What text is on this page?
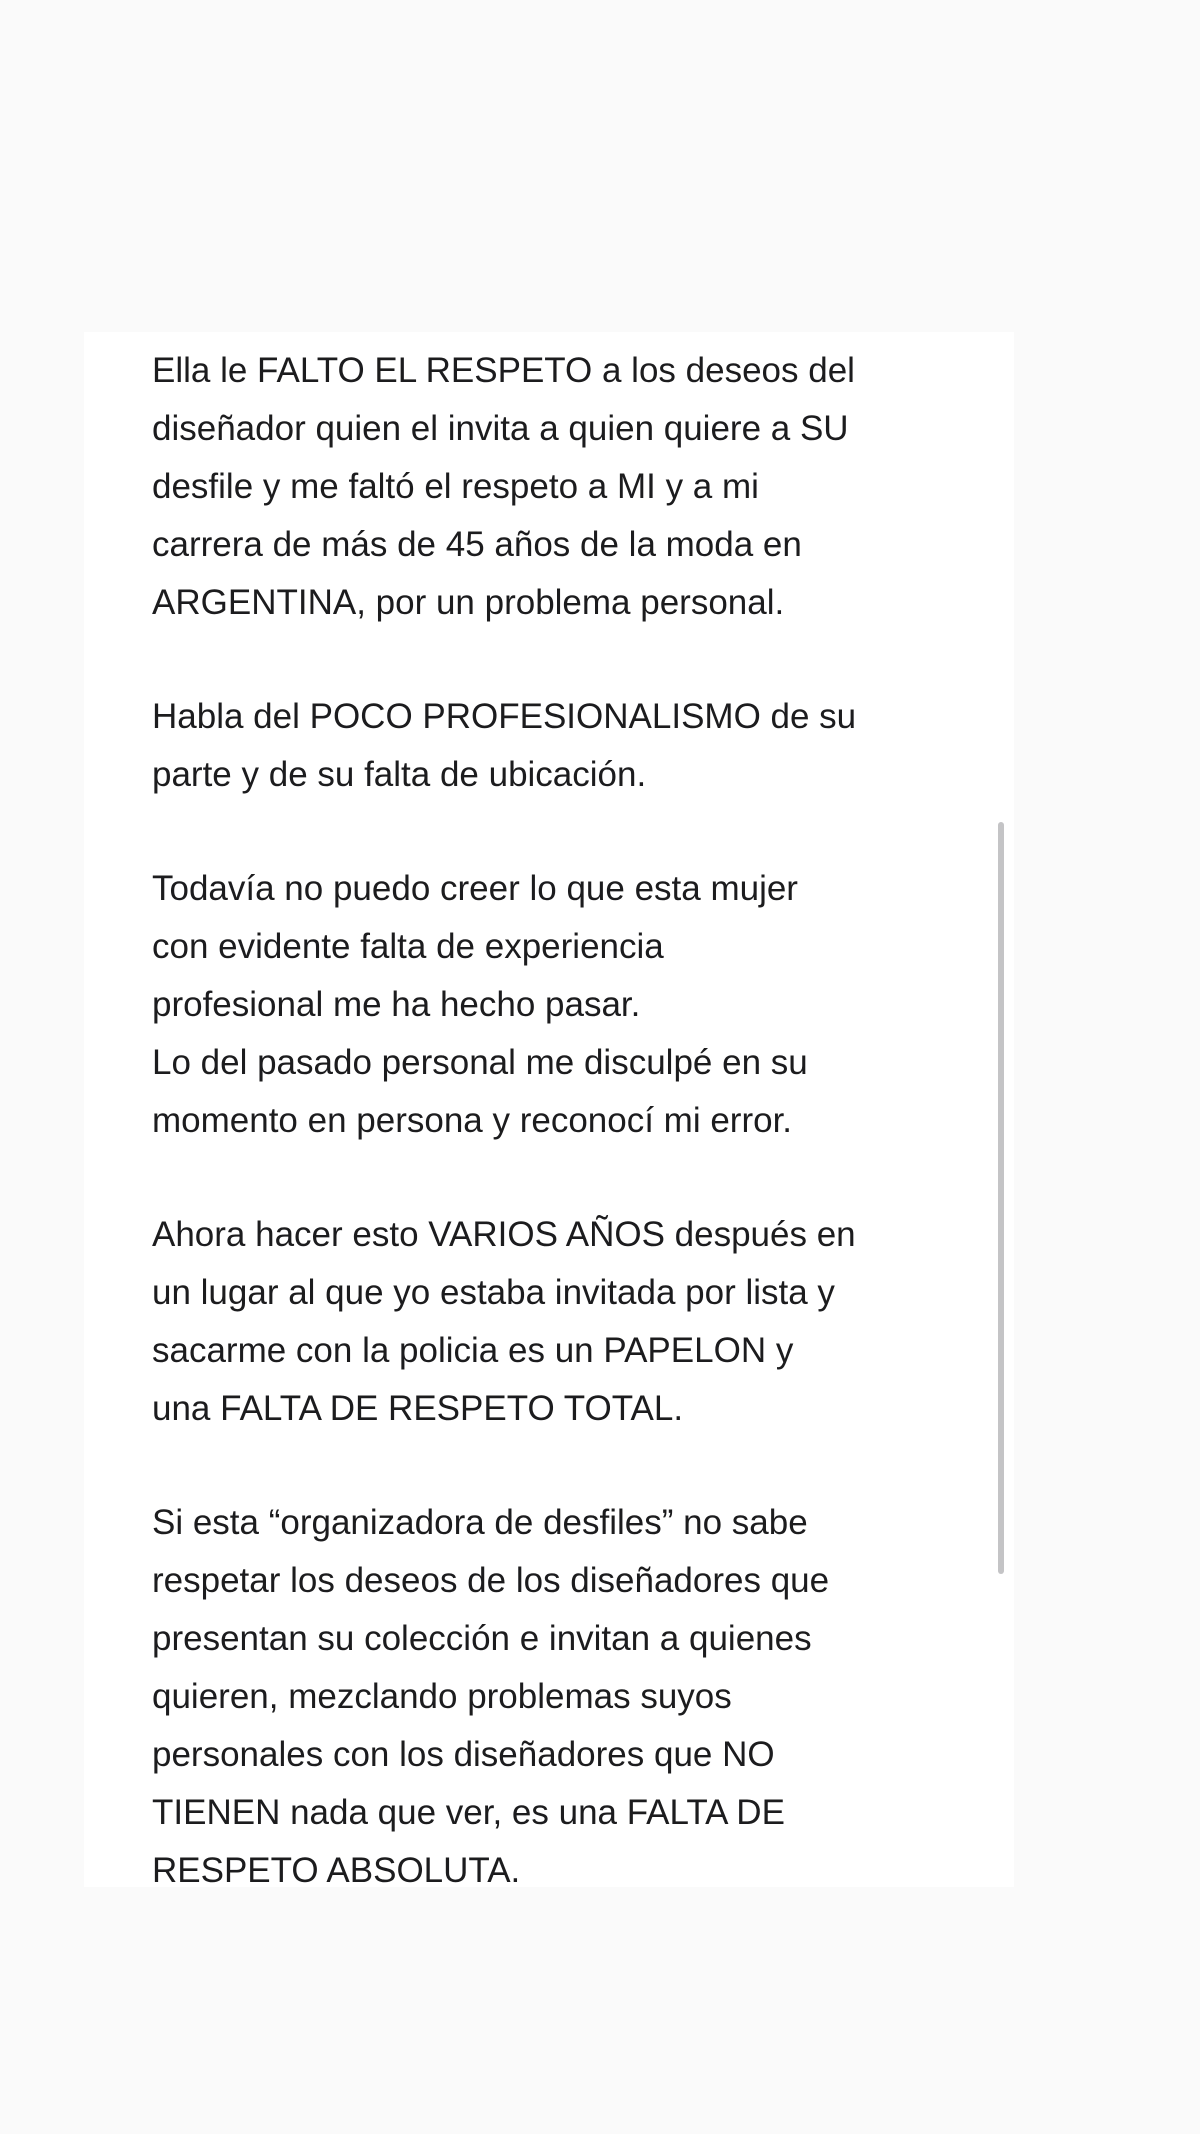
Ella le FALTO EL RESPETO a los deseos del
diseñador quien el invita a quien quiere a SU
desfile y me faltó el respeto a MI y a mi
carrera de más de 45 años de la moda en
ARGENTINA, por un problema personal.

Habla del POCO PROFESIONALISMO de su
parte y de su falta de ubicación.

Todavía no puedo creer lo que esta mujer
con evidente falta de experiencia
profesional me ha hecho pasar.
Lo del pasado personal me disculpé en su
momento en persona y reconocí mi error.

Ahora hacer esto VARIOS AÑOS después en
un lugar al que yo estaba invitada por lista y
sacarme con la policia es un PAPELON y
una FALTA DE RESPETO TOTAL.

Si esta “organizadora de desfiles” no sabe
respetar los deseos de los diseñadores que
presentan su colección e invitan a quienes
quieren, mezclando problemas suyos
personales con los diseñadores que NO
TIENEN nada que ver, es una FALTA DE
RESPETO ABSOLUTA.
